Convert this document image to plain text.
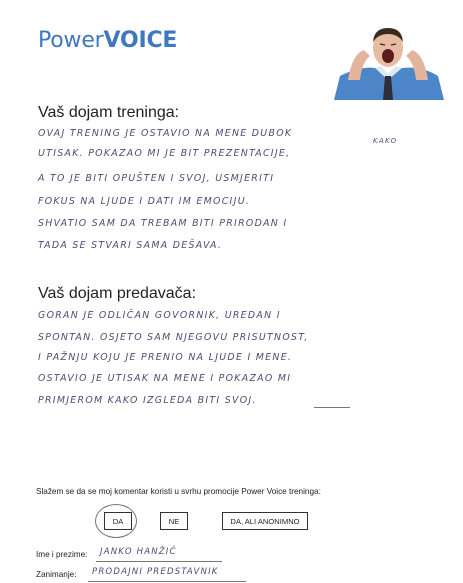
PowerVOICE
Vaš dojam treninga:
OVAJ TRENING JE OSTAVIO NA MENE DUBOK
UTISAK. POKAZAO MI JE BIT PREZENTACIJE,
KAKO
A TO JE BITI OPUŠTEN I SVOJ, USMJERITI
FOKUS NA LJUDE I DATI IM EMOCIJU.
SHVATIO SAM DA TREBAM BITI PRIRODAN I
TADA SE STVARI SAMA DEŠAVA.
Vaš dojam predavača:
GORAN JE ODLIČAN GOVORNIK, UREDAN I
SPONTAN. OSJETO SAM NJEGOVU PRISUTNOST,
I PAŽNJU KOJU JE PRENIO NA LJUDE I MENE.
OSTAVIO JE UTISAK NA MENE I POKAZAO MI
PRIMJEROM KAKO IZGLEDA BITI SVOJ.
Slažem se da se moj komentar koristi u svrhu promocije Power Voice treninga:
DA	NE	DA, ALI ANONIMNO
Ime i prezime: JANKO HANŽIĆ
Zanimanje: PRODAJNI PREDSTAVNIK
